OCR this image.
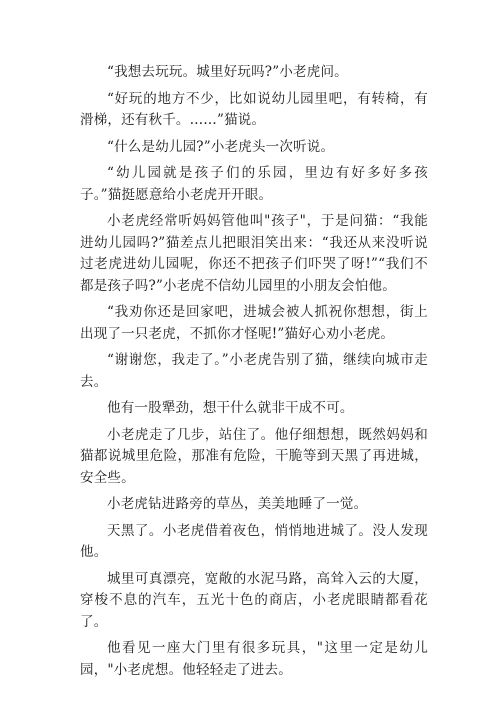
“我想去玩玩。城里好玩吗?”小老虎问。

“好玩的地方不少，比如说幼儿园里吧，有转椅，有滑梯，还有秋千。……”猫说。

“什么是幼儿园?”小老虎头一次听说。

“幼儿园就是孩子们的乐园，里边有好多好多孩子。”猫挺愿意给小老虎开开眼。

小老虎经常听妈妈管他叫"孩子"，于是问猫：“我能进幼儿园吗?”猫差点儿把眼泪笑出来：“我还从来没听说过老虎进幼儿园呢，你还不把孩子们吓哭了呀!”“我们不都是孩子吗?”小老虎不信幼儿园里的小朋友会怕他。

“我劝你还是回家吧，进城会被人抓祝你想想，街上出现了一只老虎，不抓你才怪呢!”猫好心劝小老虎。

“谢谢您，我走了。”小老虎告别了猫，继续向城市走去。

他有一股犟劲，想干什么就非干成不可。

小老虎走了几步，站住了。他仔细想想，既然妈妈和猫都说城里危险，那准有危险，干脆等到天黑了再进城，安全些。

小老虎钻进路旁的草丛，美美地睡了一觉。

天黑了。小老虎借着夜色，悄悄地进城了。没人发现他。

城里可真漂亮，宽敞的水泥马路，高耸入云的大厦，穿梭不息的汽车，五光十色的商店，小老虎眼睛都看花了。

他看见一座大门里有很多玩具，"这里一定是幼儿园，"小老虎想。他轻轻走了进去。
